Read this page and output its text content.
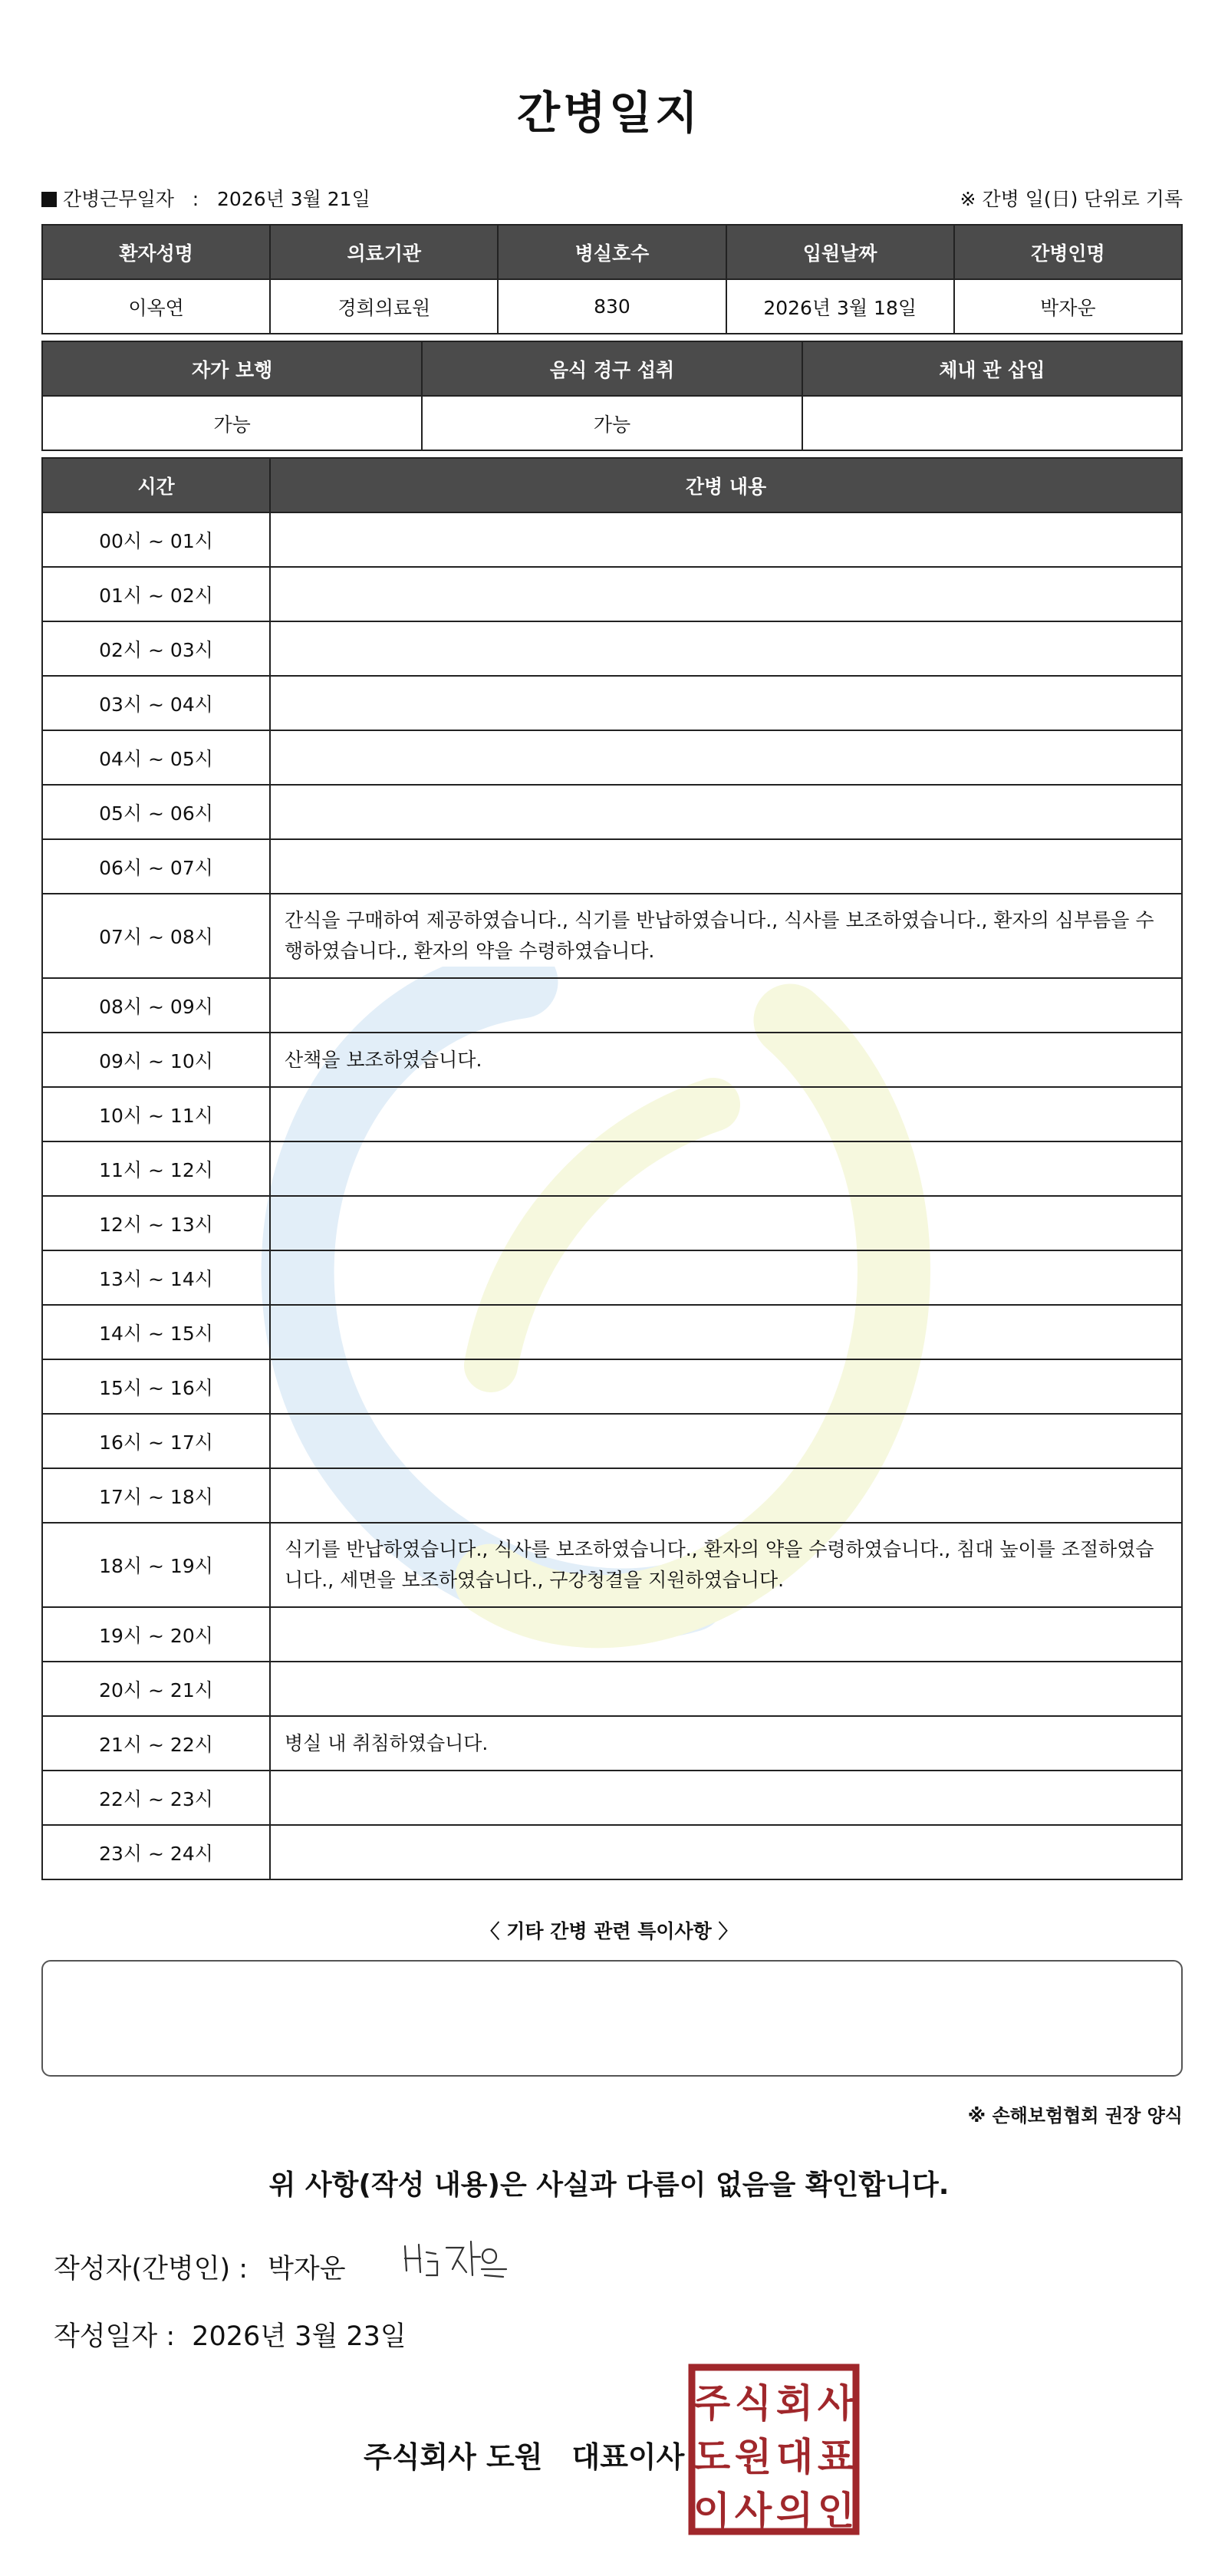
간병일지
간병근무일자 : 2026년 3월 21일	※ 간병 일(日) 단위로 기록
환자성명	의료기관	병실호수	입원날짜	간병인명
이옥연	경희의료원	830	2026년 3월 18일	박자운
자가 보행	음식 경구 섭취	체내 관 삽입
가능	가능	
시간	간병 내용
00시 ~ 01시	
01시 ~ 02시	
02시 ~ 03시	
03시 ~ 04시	
04시 ~ 05시	
05시 ~ 06시	
06시 ~ 07시	
07시 ~ 08시	간식을 구매하여 제공하였습니다., 식기를 반납하였습니다., 식사를 보조하였습니다., 환자의 심부름을 수행하였습니다., 환자의 약을 수령하였습니다.
08시 ~ 09시	
09시 ~ 10시	산책을 보조하였습니다.
10시 ~ 11시	
11시 ~ 12시	
12시 ~ 13시	
13시 ~ 14시	
14시 ~ 15시	
15시 ~ 16시	
16시 ~ 17시	
17시 ~ 18시	
18시 ~ 19시	식기를 반납하였습니다., 식사를 보조하였습니다., 환자의 약을 수령하였습니다., 침대 높이를 조절하였습니다., 세면을 보조하였습니다., 구강청결을 지원하였습니다.
19시 ~ 20시	
20시 ~ 21시	
21시 ~ 22시	병실 내 취침하였습니다.
22시 ~ 23시	
23시 ~ 24시	
〈 기타 간병 관련 특이사항 〉
※ 손해보험협회 권장 양식
위 사항(작성 내용)은 사실과 다름이 없음을 확인합니다.
작성자(간병인) : 박자운
작성일자 : 2026년 3월 23일
주식회사 도원 대표이사
주 식 회 사
도 원 대 표
이 사 의 인
